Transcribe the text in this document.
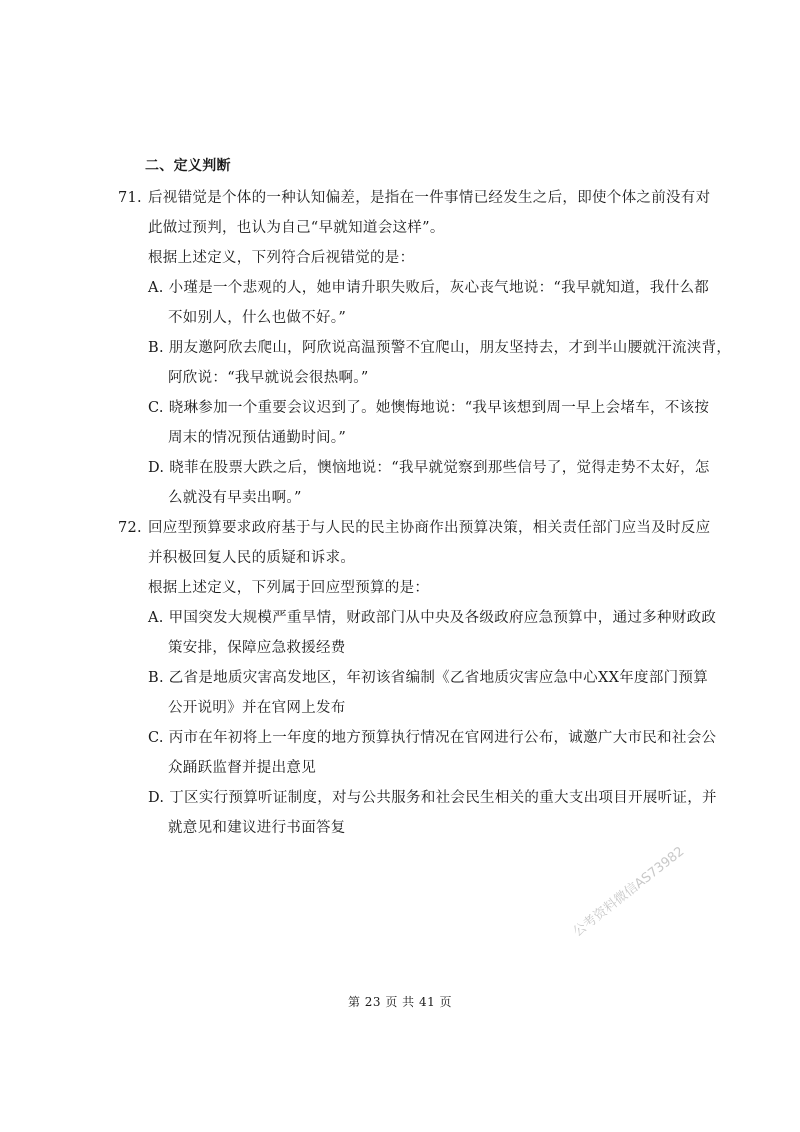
二、定义判断
71. 后视错觉是个体的一种认知偏差，是指在一件事情已经发生之后，即使个体之前没有对
此做过预判，也认为自己“早就知道会这样”。
根据上述定义，下列符合后视错觉的是：
A. 小瑾是一个悲观的人，她申请升职失败后，灰心丧气地说：“我早就知道，我什么都
不如别人，什么也做不好。”
B. 朋友邀阿欣去爬山，阿欣说高温预警不宜爬山，朋友坚持去，才到半山腰就汗流浃背，
阿欣说：“我早就说会很热啊。”
C. 晓琳参加一个重要会议迟到了。她懊悔地说：“我早该想到周一早上会堵车，不该按
周末的情况预估通勤时间。”
D. 晓菲在股票大跌之后，懊恼地说：“我早就觉察到那些信号了，觉得走势不太好，怎
么就没有早卖出啊。”
72. 回应型预算要求政府基于与人民的民主协商作出预算决策，相关责任部门应当及时反应
并积极回复人民的质疑和诉求。
根据上述定义，下列属于回应型预算的是：
A. 甲国突发大规模严重旱情，财政部门从中央及各级政府应急预算中，通过多种财政政
策安排，保障应急救援经费
B. 乙省是地质灾害高发地区，年初该省编制《乙省地质灾害应急中心XX年度部门预算
公开说明》并在官网上发布
C. 丙市在年初将上一年度的地方预算执行情况在官网进行公布，诚邀广大市民和社会公
众踊跃监督并提出意见
D. 丁区实行预算听证制度，对与公共服务和社会民生相关的重大支出项目开展听证，并
就意见和建议进行书面答复
公考资料微信AS73982
第 23 页 共 41 页
